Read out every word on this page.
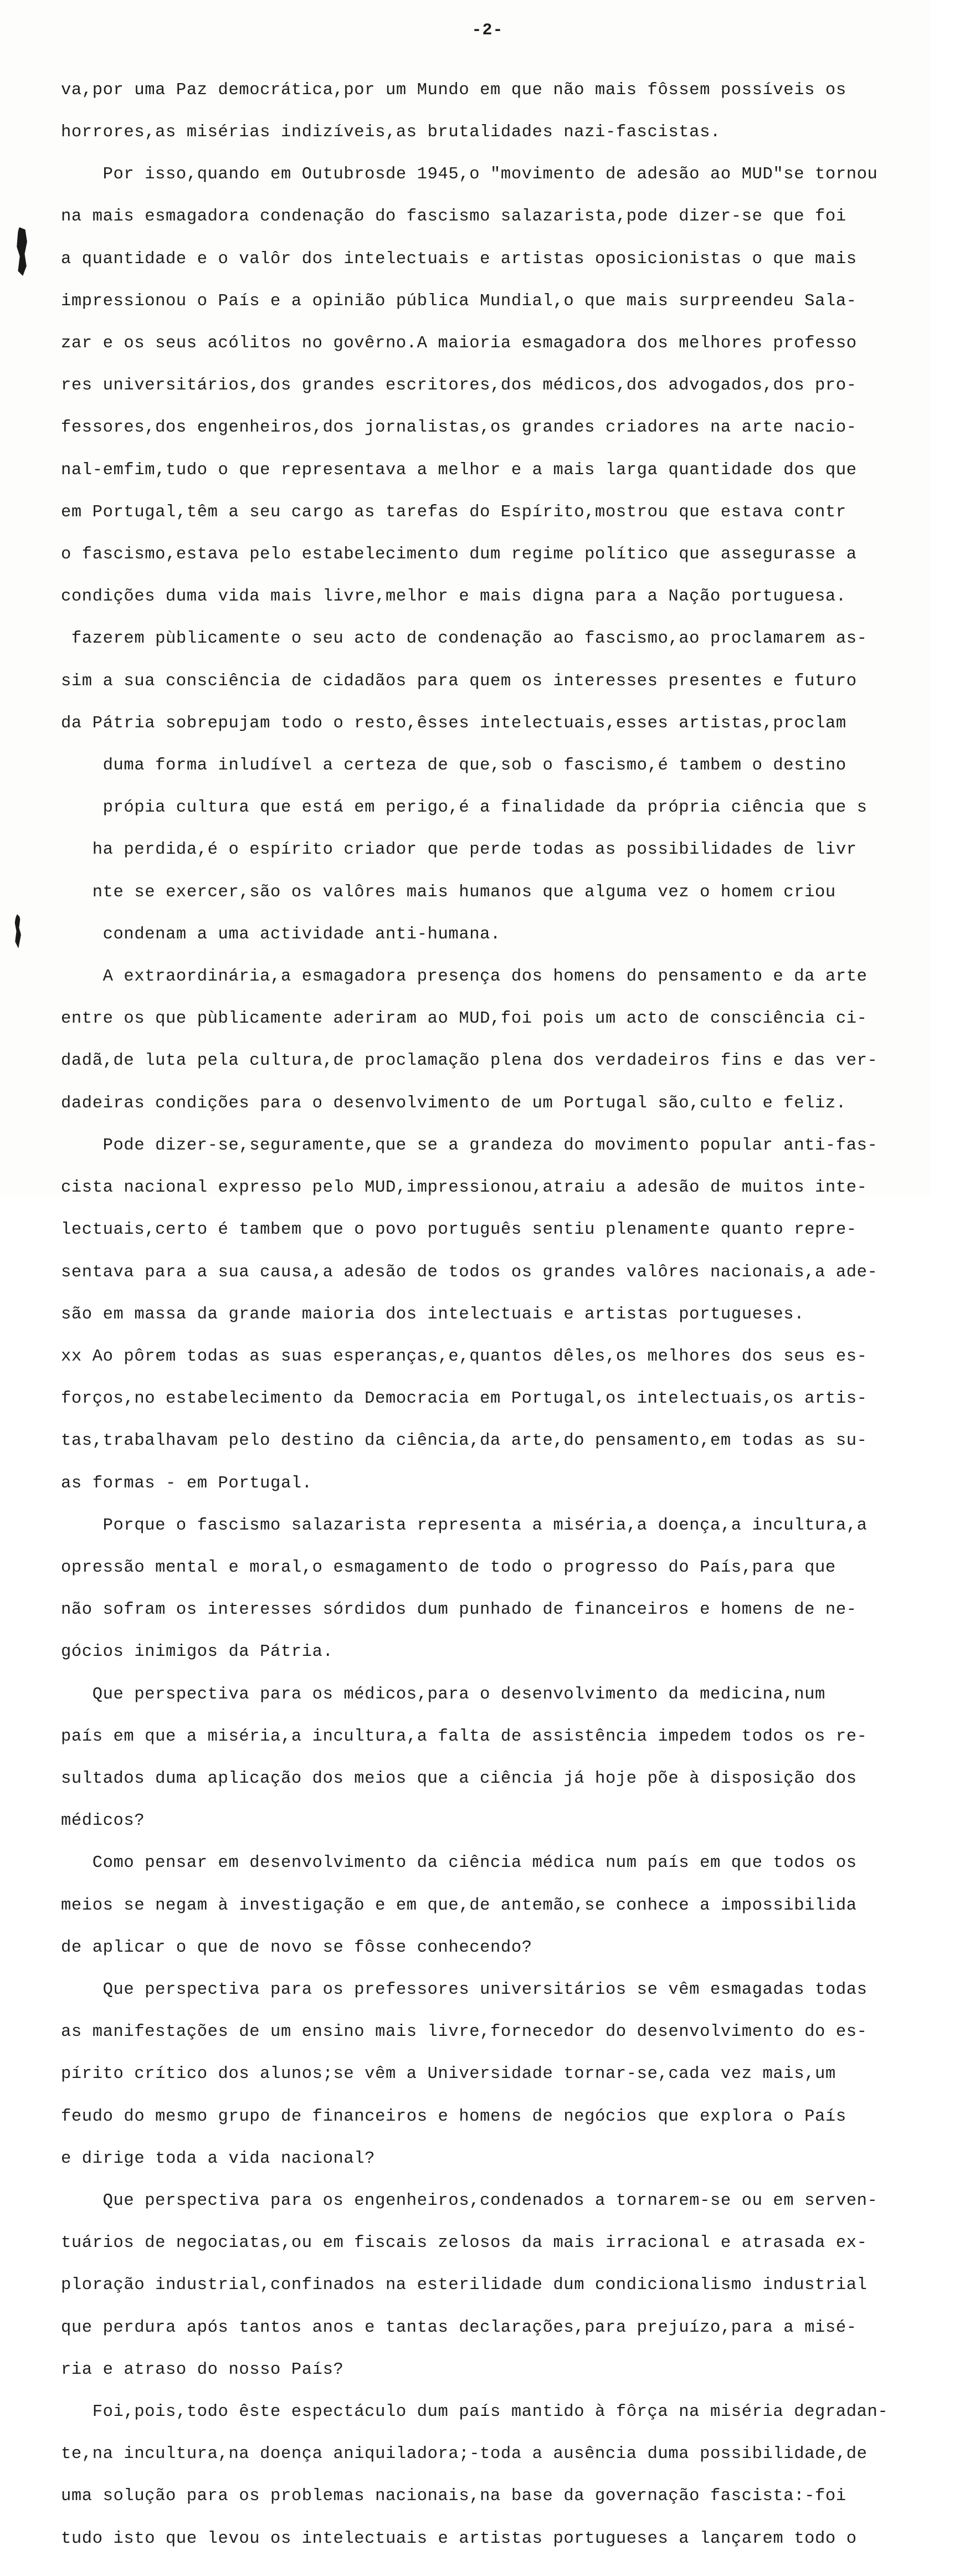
-2-

va,por uma Paz democrática,por um Mundo em que não mais fôssem possíveis os

horrores,as misérias indizíveis,as brutalidades nazi-fascistas.

Por isso,quando em Outubrosde 1945,o "movimento de adesão ao MUD"se tornou

na mais esmagadora condenação do fascismo salazarista,pode dizer-se que foi

a quantidade e o valôr dos intelectuais e artistas oposicionistas o que mais

impressionou o País e a opinião pública Mundial,o que mais surpreendeu Sala-

zar e os seus acólitos no govêrno.A maioria esmagadora dos melhores professo

res universitários,dos grandes escritores,dos médicos,dos advogados,dos pro-

fessores,dos engenheiros,dos jornalistas,os grandes criadores na arte nacio-

nal-emfim,tudo o que representava a melhor e a mais larga quantidade dos que

em Portugal,têm a seu cargo as tarefas do Espírito,mostrou que estava contr

o fascismo,estava pelo estabelecimento dum regime político que assegurasse a

condições duma vida mais livre,melhor e mais digna para a Nação portuguesa.

fazerem pùblicamente o seu acto de condenação ao fascismo,ao proclamarem as-

sim a sua consciência de cidadãos para quem os interesses presentes e futuro

da Pátria sobrepujam todo o resto,êsses intelectuais,esses artistas,proclam

duma forma inludível a certeza de que,sob o fascismo,é tambem o destino

própia cultura que está em perigo,é a finalidade da própria ciência que s

ha perdida,é o espírito criador que perde todas as possibilidades de livr

nte se exercer,são os valôres mais humanos que alguma vez o homem criou

condenam a uma actividade anti-humana.

A extraordinária,a esmagadora presença dos homens do pensamento e da arte

entre os que pùblicamente aderiram ao MUD,foi pois um acto de consciência ci-

dadã,de luta pela cultura,de proclamação plena dos verdadeiros fins e das ver-

dadeiras condições para o desenvolvimento de um Portugal são,culto e feliz.

Pode dizer-se,seguramente,que se a grandeza do movimento popular anti-fas-

cista nacional expresso pelo MUD,impressionou,atraiu a adesão de muitos inte-

lectuais,certo é tambem que o povo português sentiu plenamente quanto repre-

sentava para a sua causa,a adesão de todos os grandes valôres nacionais,a ade-

são em massa da grande maioria dos intelectuais e artistas portugueses.

xx Ao pôrem todas as suas esperanças,e,quantos dêles,os melhores dos seus es-

forços,no estabelecimento da Democracia em Portugal,os intelectuais,os artis-

tas,trabalhavam pelo destino da ciência,da arte,do pensamento,em todas as su-

as formas - em Portugal.

Porque o fascismo salazarista representa a miséria,a doença,a incultura,a

opressão mental e moral,o esmagamento de todo o progresso do País,para que

não sofram os interesses sórdidos dum punhado de financeiros e homens de ne-

gócios inimigos da Pátria.

Que perspectiva para os médicos,para o desenvolvimento da medicina,num

país em que a miséria,a incultura,a falta de assistência impedem todos os re-

sultados duma aplicação dos meios que a ciência já hoje põe à disposição dos

médicos?

Como pensar em desenvolvimento da ciência médica num país em que todos os

meios se negam à investigação e em que,de antemão,se conhece a impossibilida

de aplicar o que de novo se fôsse conhecendo?

Que perspectiva para os prefessores universitários se vêm esmagadas todas

as manifestações de um ensino mais livre,fornecedor do desenvolvimento do es-

pírito crítico dos alunos;se vêm a Universidade tornar-se,cada vez mais,um

feudo do mesmo grupo de financeiros e homens de negócios que explora o País

e dirige toda a vida nacional?

Que perspectiva para os engenheiros,condenados a tornarem-se ou em serven-

tuários de negociatas,ou em fiscais zelosos da mais irracional e atrasada ex-

ploração industrial,confinados na esterilidade dum condicionalismo industrial

que perdura após tantos anos e tantas declarações,para prejuízo,para a misé-

ria e atraso do nosso País?

Foi,pois,todo êste espectáculo dum país mantido à fôrça na miséria degradan-

te,na incultura,na doença aniquiladora;-toda a ausência duma possibilidade,de

uma solução para os problemas nacionais,na base da governação fascista:-foi

tudo isto que levou os intelectuais e artistas portugueses a lançarem todo o
